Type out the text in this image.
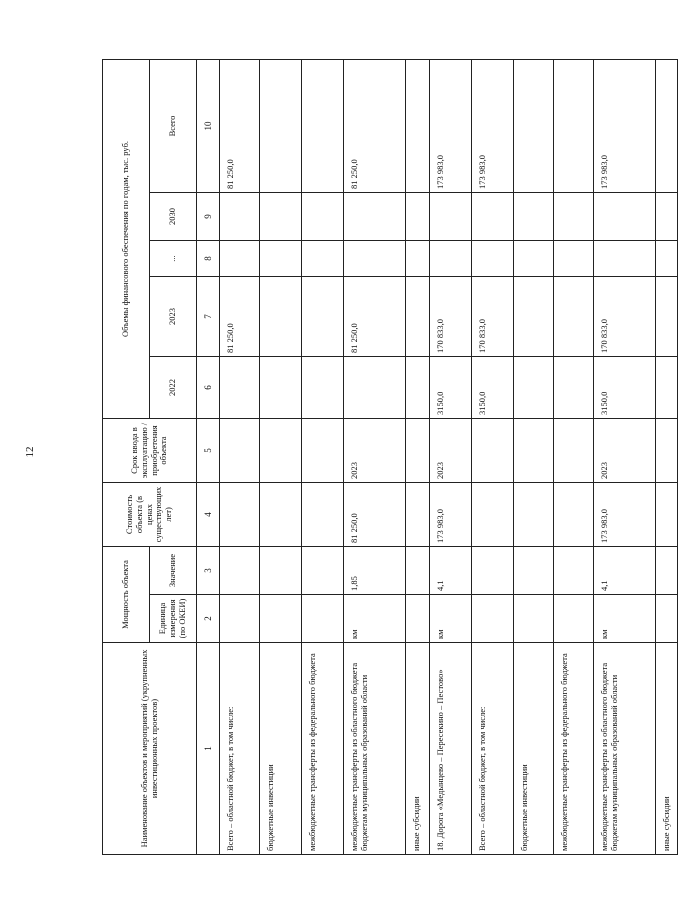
12
Наименование объектов и мероприятий (укрупненных инвестиционных проектов)	Мощность объекта		Стоимость объекта (в ценах существующих лет)	Срок ввода в эксплуатацию / приобретения объекта	Объемы финансового обеспечения по годам, тыс. руб.				
	Единица измерения (по ОКЕИ)	Значение			2022	2023	...	2030	Всего
1	2	3	4	5	6	7	8	9	10
Всего – областной бюджет, в том числе:						81 250,0			81 250,0
бюджетные инвестиции									
межбюджетные трансферты из федерального бюджета									
межбюджетные трансферты из областного бюджета бюджетам муниципальных образований области	км	1,85	81 250,0	2023		81 250,0			81 250,0
иные субсидии									
18. Дорога «Медынцево – Пересекино – Пестово»	км	4,1	173 983,0	2023	3150,0	170 833,0			173 983,0
Всего – областной бюджет, в том числе:					3150,0	170 833,0			173 983,0
бюджетные инвестиции									
межбюджетные трансферты из федерального бюджета									
межбюджетные трансферты из областного бюджета бюджетам муниципальных образований области	км	4,1	173 983,0	2023	3150,0	170 833,0			173 983,0
иные субсидии									
